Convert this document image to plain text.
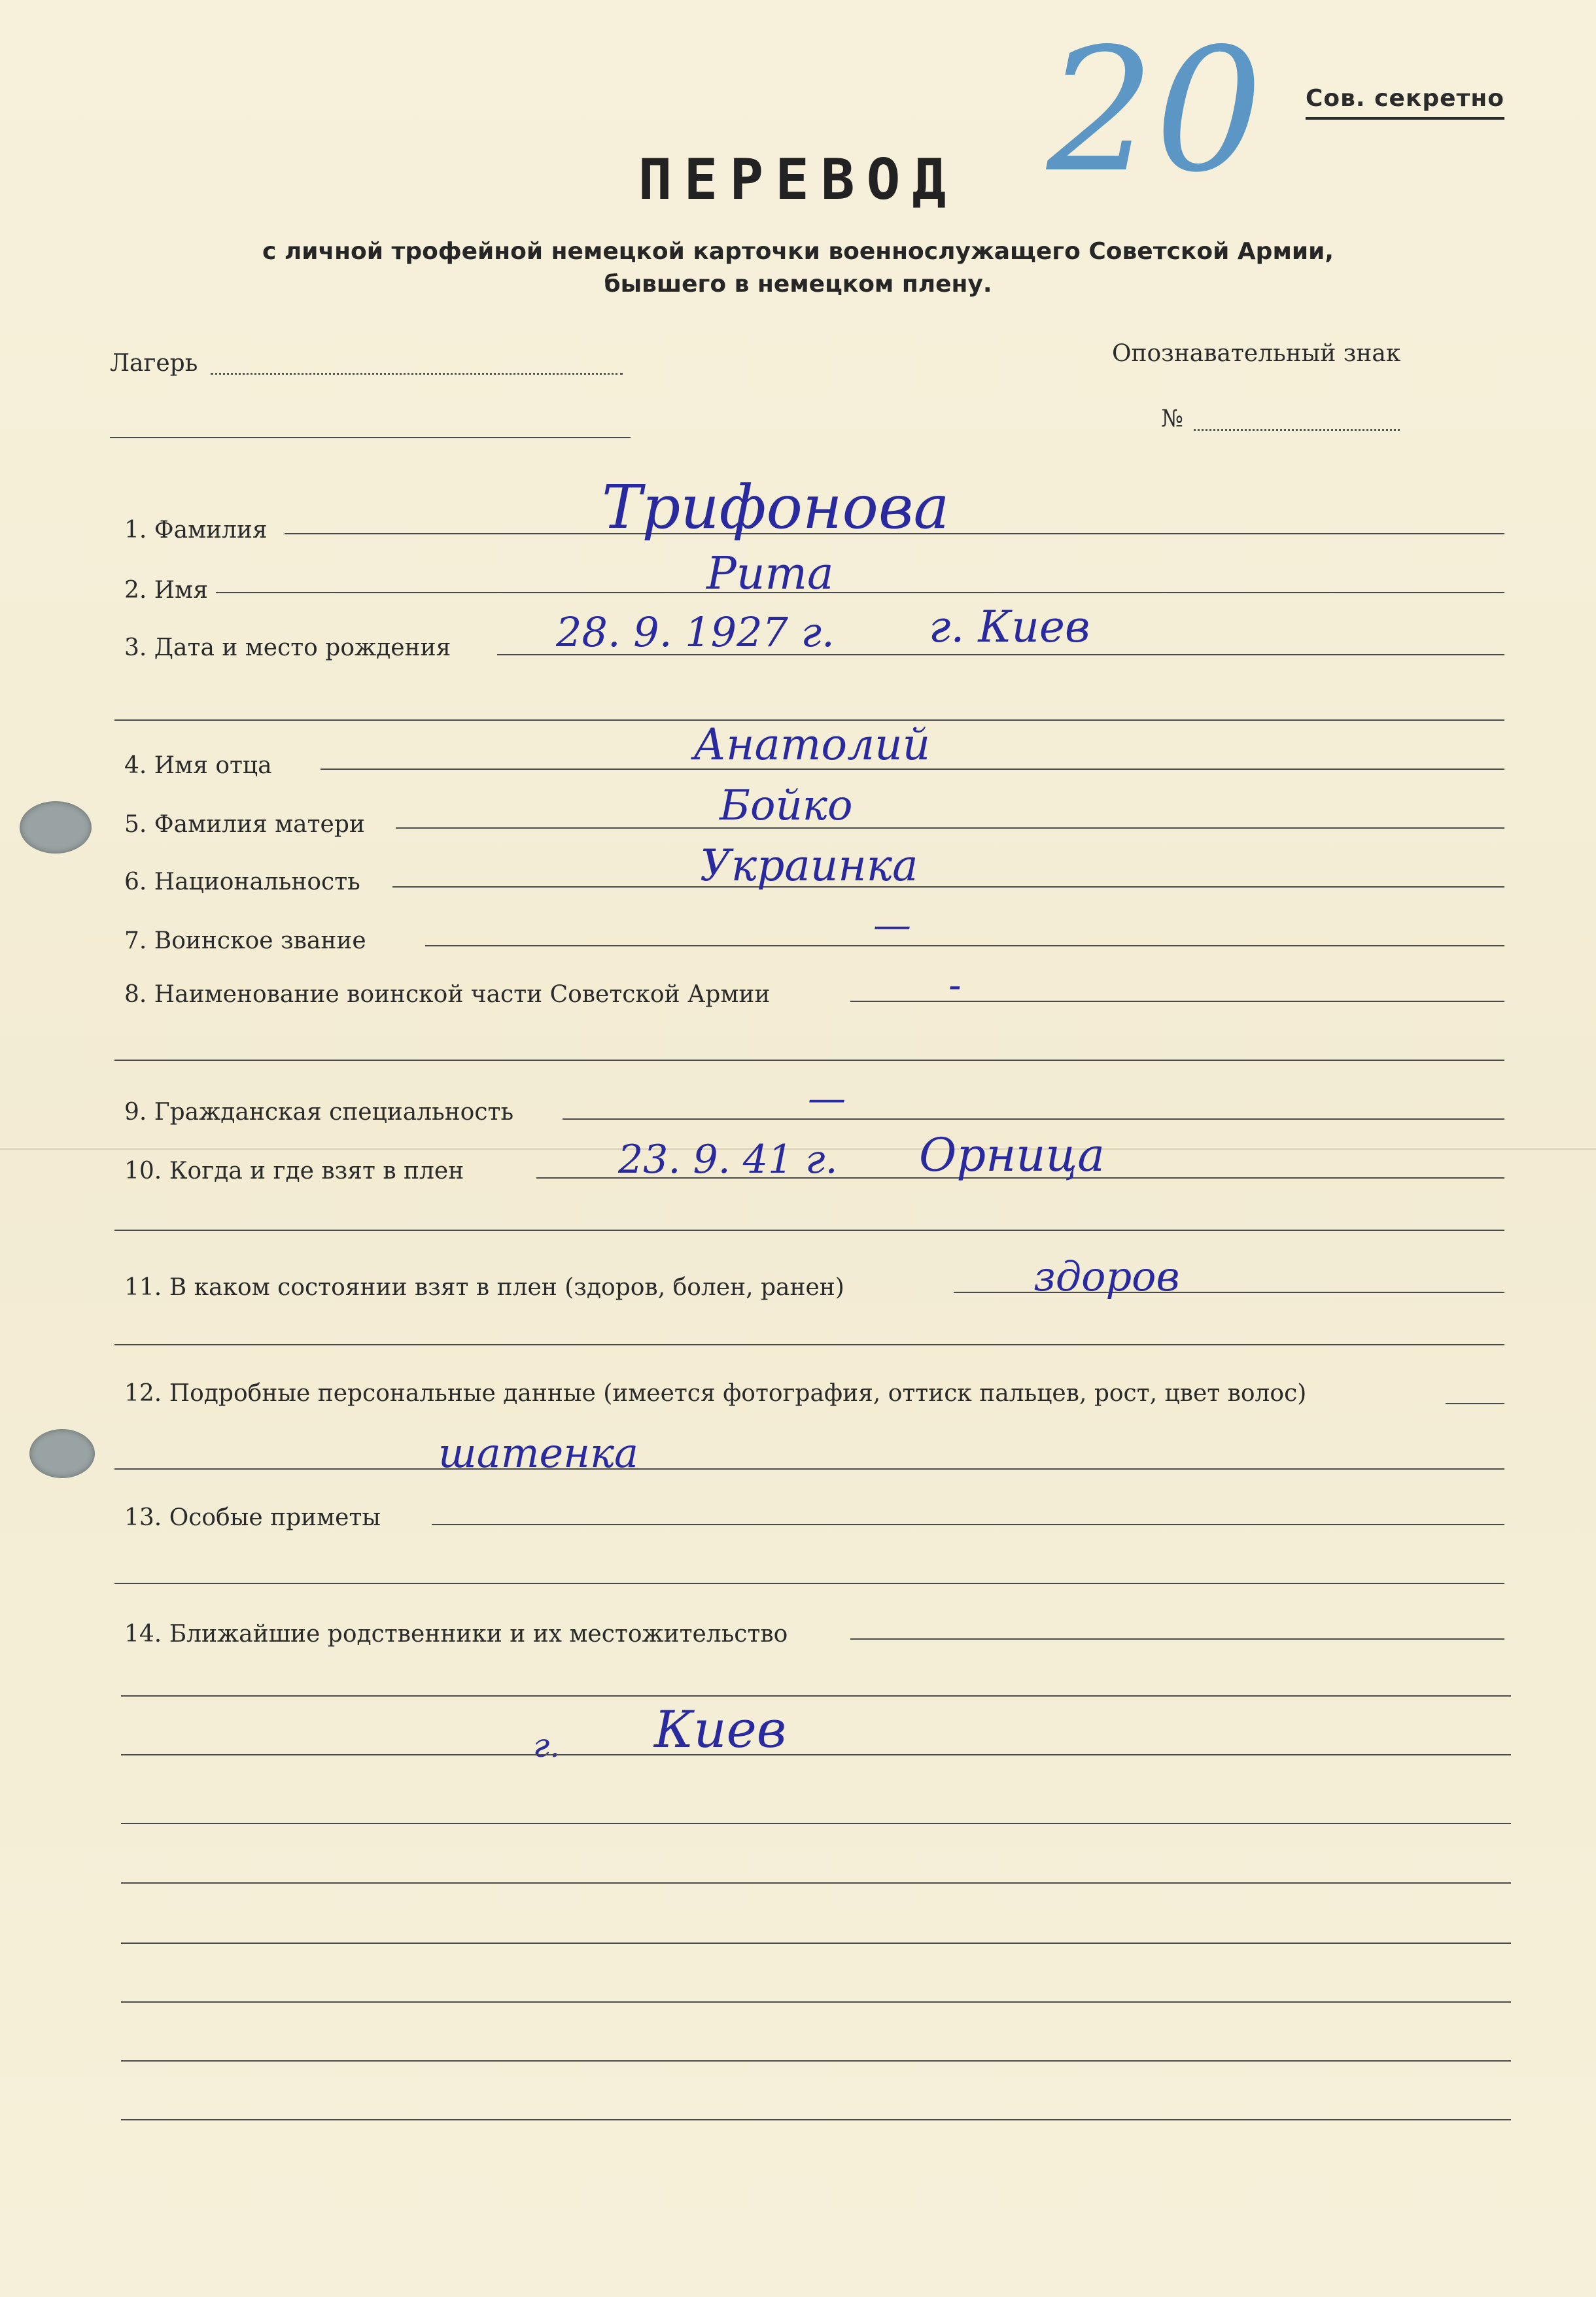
20 Сов. секретно
ПЕРЕВОД
с личной трофейной немецкой карточки военнослужащего Советской Армии,
бывшего в немецком плену.
Лагерь	Опознавательный знак
№
1. Фамилия	Трифонова
2. Имя	Рита
3. Дата и место рождения	28. 9. 1927 г. г. Киев
4. Имя отца	Анатолий
5. Фамилия матери	Бойко
6. Национальность	Украинка
7. Воинское звание	—
8. Наименование воинской части Советской Армии	-
9. Гражданская специальность	—
10. Когда и где взят в плен	23. 9. 41 г. Орница
11. В каком состоянии взят в плен (здоров, болен, ранен)	здоров
12. Подробные персональные данные (имеется фотография, оттиск пальцев, рост, цвет волос)
шатенка
13. Особые приметы
14. Ближайшие родственники и их местожительство
г. Киев
